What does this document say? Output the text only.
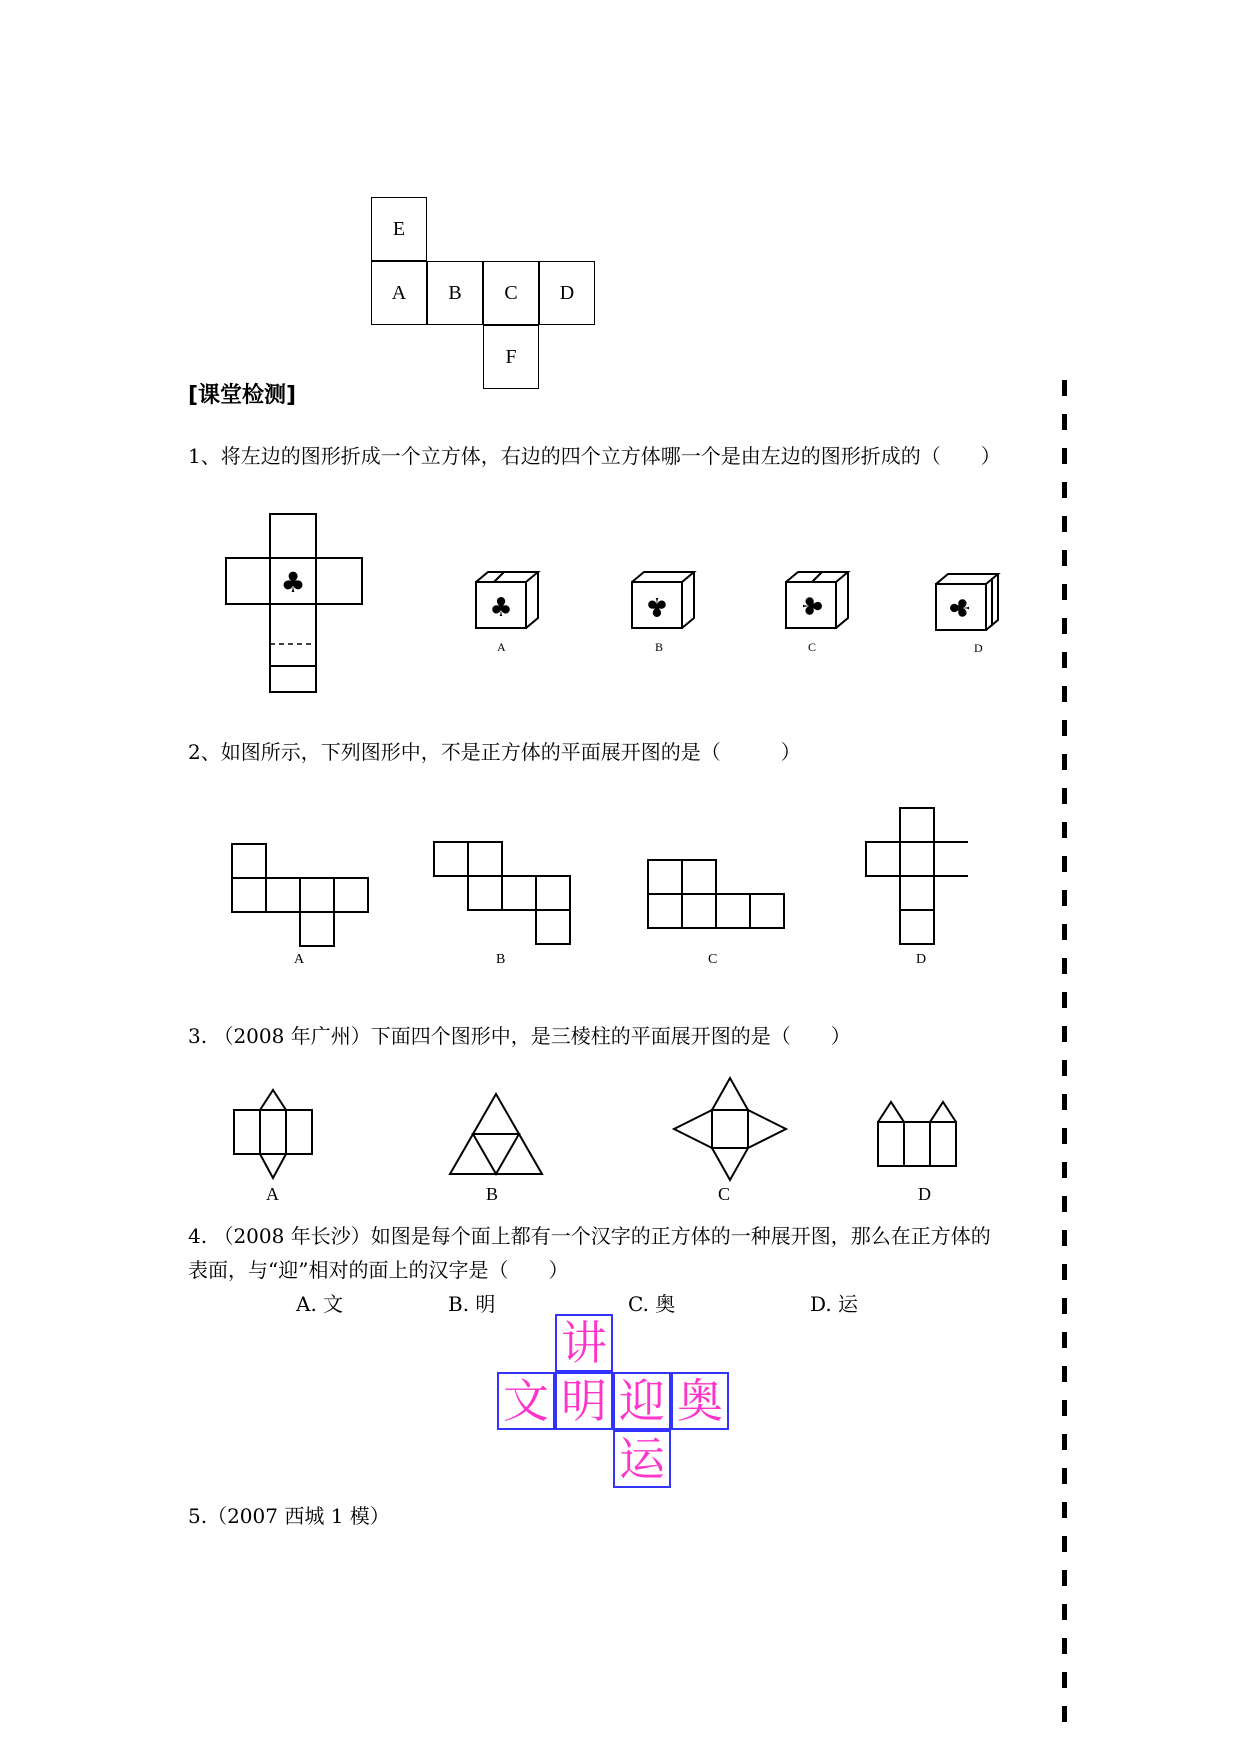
E
A	B	C	D
F
[课堂检测]
1、将左边的图形折成一个立方体，右边的四个立方体哪一个是由左边的图形折成的（　　）
♣
♣
A
♣
B
♣
C
♣
D
2、如图所示，下列图形中，不是正方体的平面展开图的是（　　　）
A	B	C	D
3. （2008 年广州）下面四个图形中，是三棱柱的平面展开图的是（　　）
A	B	C	D
4. （2008 年长沙）如图是每个面上都有一个汉字的正方体的一种展开图，那么在正方体的
表面，与“迎”相对的面上的汉字是（　　）
A. 文	B. 明	C. 奥	D. 运
讲
文 明 迎 奥
运
5.（2007 西城 1 模）
